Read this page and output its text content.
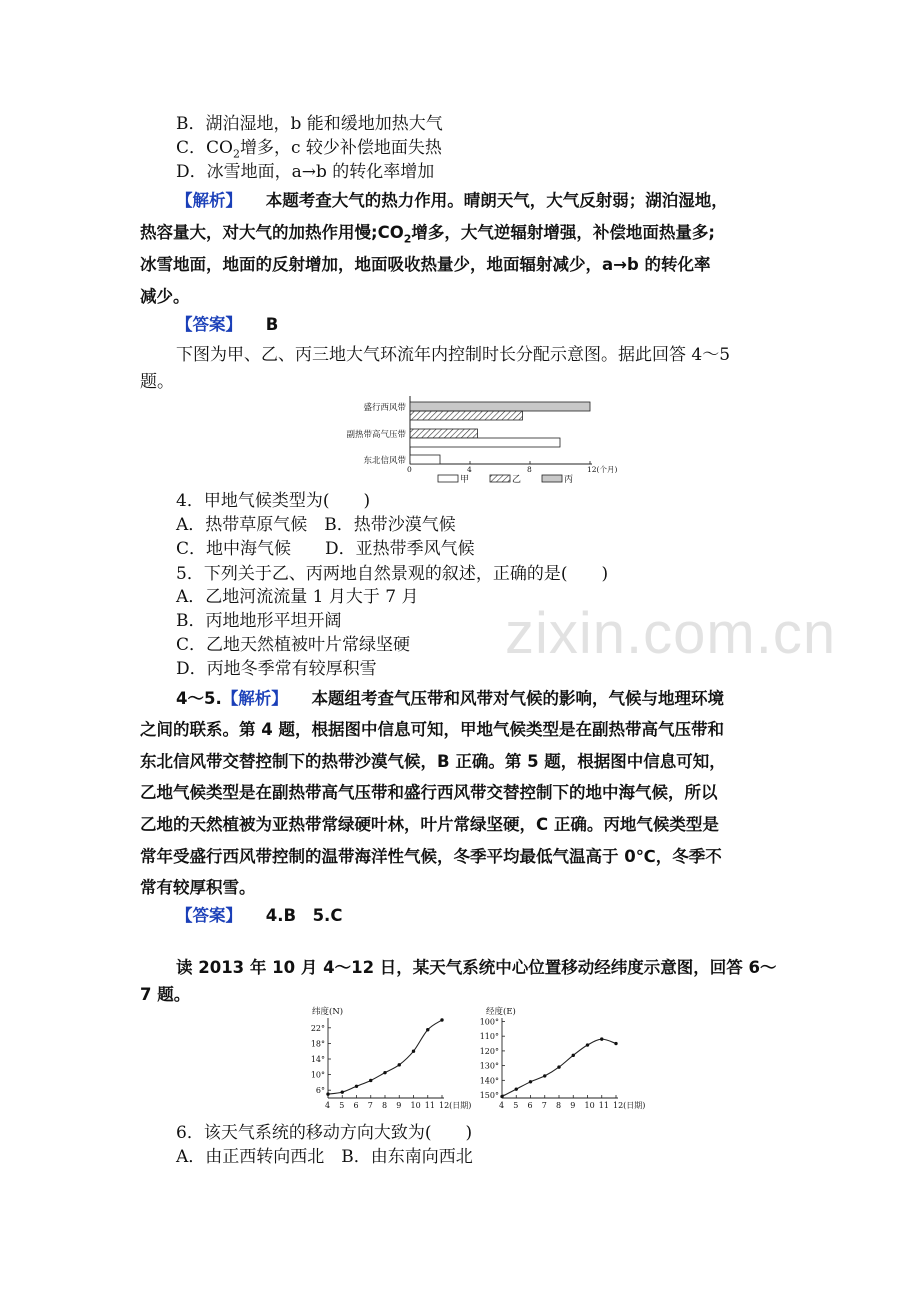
zixin.com.cn
B．湖泊湿地，b 能和缓地加热大气
C．$CO_2$增多，c 较少补偿地面失热
D．冰雪地面，a→b 的转化率增加
【解析】 本题考查大气的热力作用。晴朗天气，大气反射弱；湖泊湿地，
热容量大，对大气的加热作用慢$;CO_2$增多，大气逆辐射增强，补偿地面热量多;
冰雪地面，地面的反射增加，地面吸收热量少，地面辐射减少，a→b 的转化率
减少。
【答案】 B
下图为甲、乙、丙三地大气环流年内控制时长分配示意图。据此回答 4～5
题。
盛行西风带
副热带高气压带
东北信风带
0	4	8	12(个月)
甲	乙	丙
4．甲地气候类型为(　　)
A．热带草原气候　B．热带沙漠气候
C．地中海气候　　D．亚热带季风气候
5．下列关于乙、丙两地自然景观的叙述，正确的是(　　)
A．乙地河流流量 1 月大于 7 月
B．丙地地形平坦开阔
C．乙地天然植被叶片常绿坚硬
D．丙地冬季常有较厚积雪
4～5.【解析】 本题组考查气压带和风带对气候的影响，气候与地理环境
之间的联系。第 4 题，根据图中信息可知，甲地气候类型是在副热带高气压带和
东北信风带交替控制下的热带沙漠气候，B 正确。第 5 题，根据图中信息可知，
乙地气候类型是在副热带高气压带和盛行西风带交替控制下的地中海气候，所以
乙地的天然植被为亚热带常绿硬叶林，叶片常绿坚硬，C 正确。丙地气候类型是
常年受盛行西风带控制的温带海洋性气候，冬季平均最低气温高于 0℃，冬季不
常有较厚积雪。
【答案】 4.B　5.C
读 2013 年 10 月 4～12 日，某天气系统中心位置移动经纬度示意图，回答 6～
7 题。
纬度(N)
6°
10°
14°
18°
22°
4 5 6 7 8 9 10 11 12(日期)
经度(E)
100°
110°
120°
130°
140°
150°
4 5 6 7 8 9 10 11 12(日期)
6．该天气系统的移动方向大致为(　　)
A．由正西转向西北　B．由东南向西北
